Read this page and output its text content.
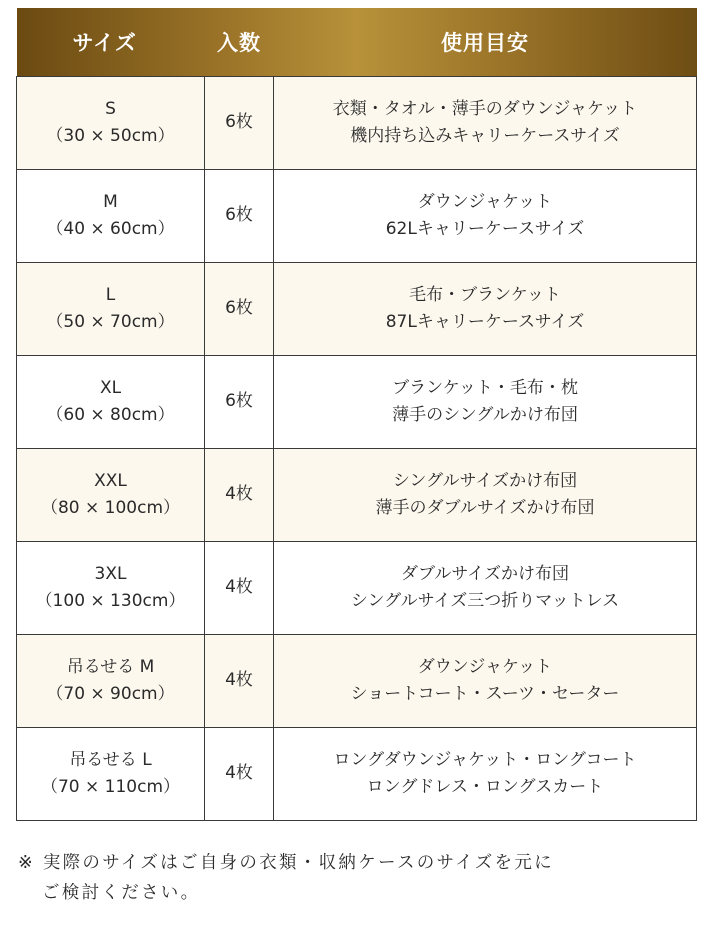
サイズ	入数	使用目安

S
（30 × 50cm）	6枚	衣類・タオル・薄手のダウンジャケット
機内持ち込みキャリーケースサイズ

M
（40 × 60cm）	6枚	ダウンジャケット
62Lキャリーケースサイズ

L
（50 × 70cm）	6枚	毛布・ブランケット
87Lキャリーケースサイズ

XL
（60 × 80cm）	6枚	ブランケット・毛布・枕
薄手のシングルかけ布団

XXL
（80 × 100cm）	4枚	シングルサイズかけ布団
薄手のダブルサイズかけ布団

3XL
（100 × 130cm）	4枚	ダブルサイズかけ布団
シングルサイズ三つ折りマットレス

吊るせる M
（70 × 90cm）	4枚	ダウンジャケット
ショートコート・スーツ・セーター

吊るせる L
（70 × 110cm）	4枚	ロングダウンジャケット・ロングコート
ロングドレス・ロングスカート
※ 実際のサイズはご自身の衣類・収納ケースのサイズを元に
ご検討ください。
